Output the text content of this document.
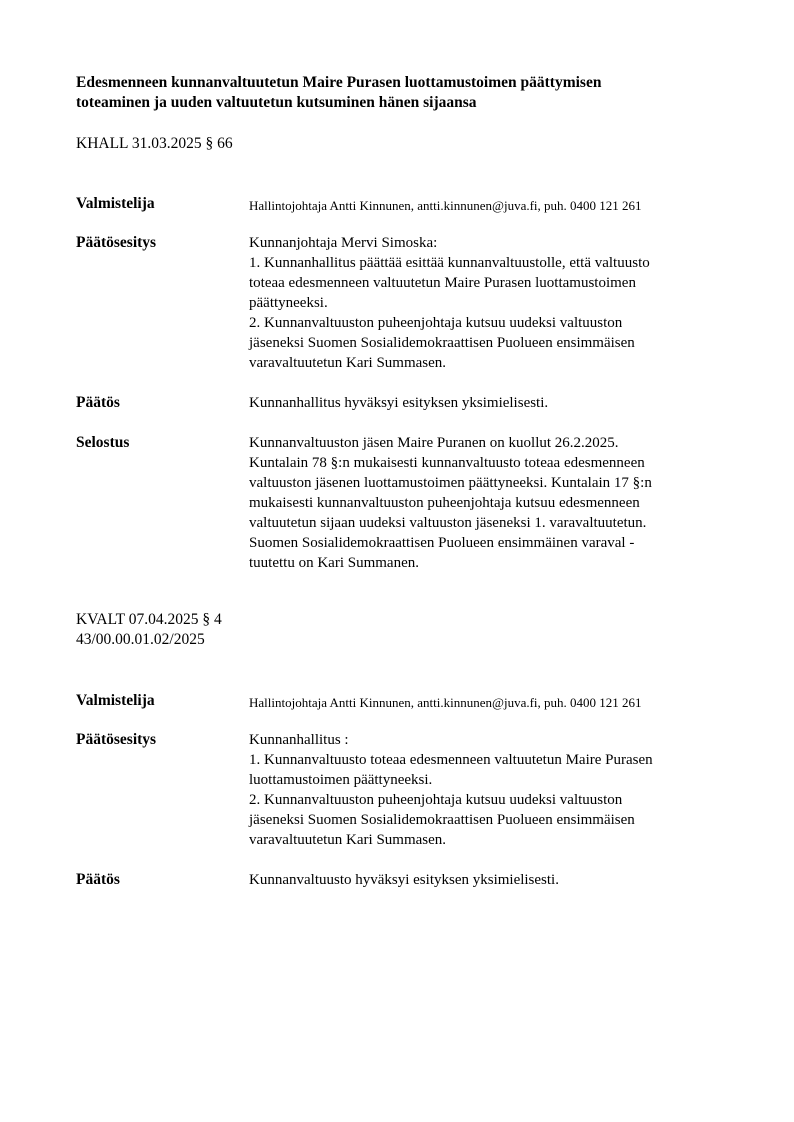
Edesmenneen kunnanvaltuutetun Maire Purasen luottamustoimen päättymisen
toteaminen ja uuden valtuutetun kutsuminen hänen sijaansa
KHALL 31.03.2025 § 66
Valmistelija	Hallintojohtaja Antti Kinnunen, antti.kinnunen@juva.fi, puh. 0400 121 261
Päätösesitys	Kunnanjohtaja Mervi Simoska:
1. Kunnanhallitus päättää esittää kunnanvaltuustolle, että valtuusto
toteaa edesmenneen valtuutetun Maire Purasen luottamustoimen
päättyneeksi.
2. Kunnanvaltuuston puheenjohtaja kutsuu uudeksi valtuuston
jäseneksi Suomen Sosialidemokraattisen Puolueen ensimmäisen
varavaltuutetun Kari Summasen.
Päätös	Kunnanhallitus hyväksyi esityksen yksimielisesti.
Selostus	Kunnanvaltuuston jäsen Maire Puranen on kuollut 26.2.2025.
Kuntalain 78 §:n mukaisesti kunnanvaltuusto toteaa edesmenneen
valtuuston jäsenen luottamustoimen päättyneeksi. Kuntalain 17 §:n
mukaisesti kunnanvaltuuston puheenjohtaja kutsuu edesmenneen
valtuutetun sijaan uudeksi valtuuston jäseneksi 1. varavaltuutetun.
Suomen Sosialidemokraattisen Puolueen ensimmäinen varaval -
tuutettu on Kari Summanen.
KVALT 07.04.2025 § 4
43/00.00.01.02/2025
Valmistelija	Hallintojohtaja Antti Kinnunen, antti.kinnunen@juva.fi, puh. 0400 121 261
Päätösesitys	Kunnanhallitus :
1. Kunnanvaltuusto toteaa edesmenneen valtuutetun Maire Purasen
luottamustoimen päättyneeksi.
2. Kunnanvaltuuston puheenjohtaja kutsuu uudeksi valtuuston
jäseneksi Suomen Sosialidemokraattisen Puolueen ensimmäisen
varavaltuutetun Kari Summasen.
Päätös	Kunnanvaltuusto hyväksyi esityksen yksimielisesti.
